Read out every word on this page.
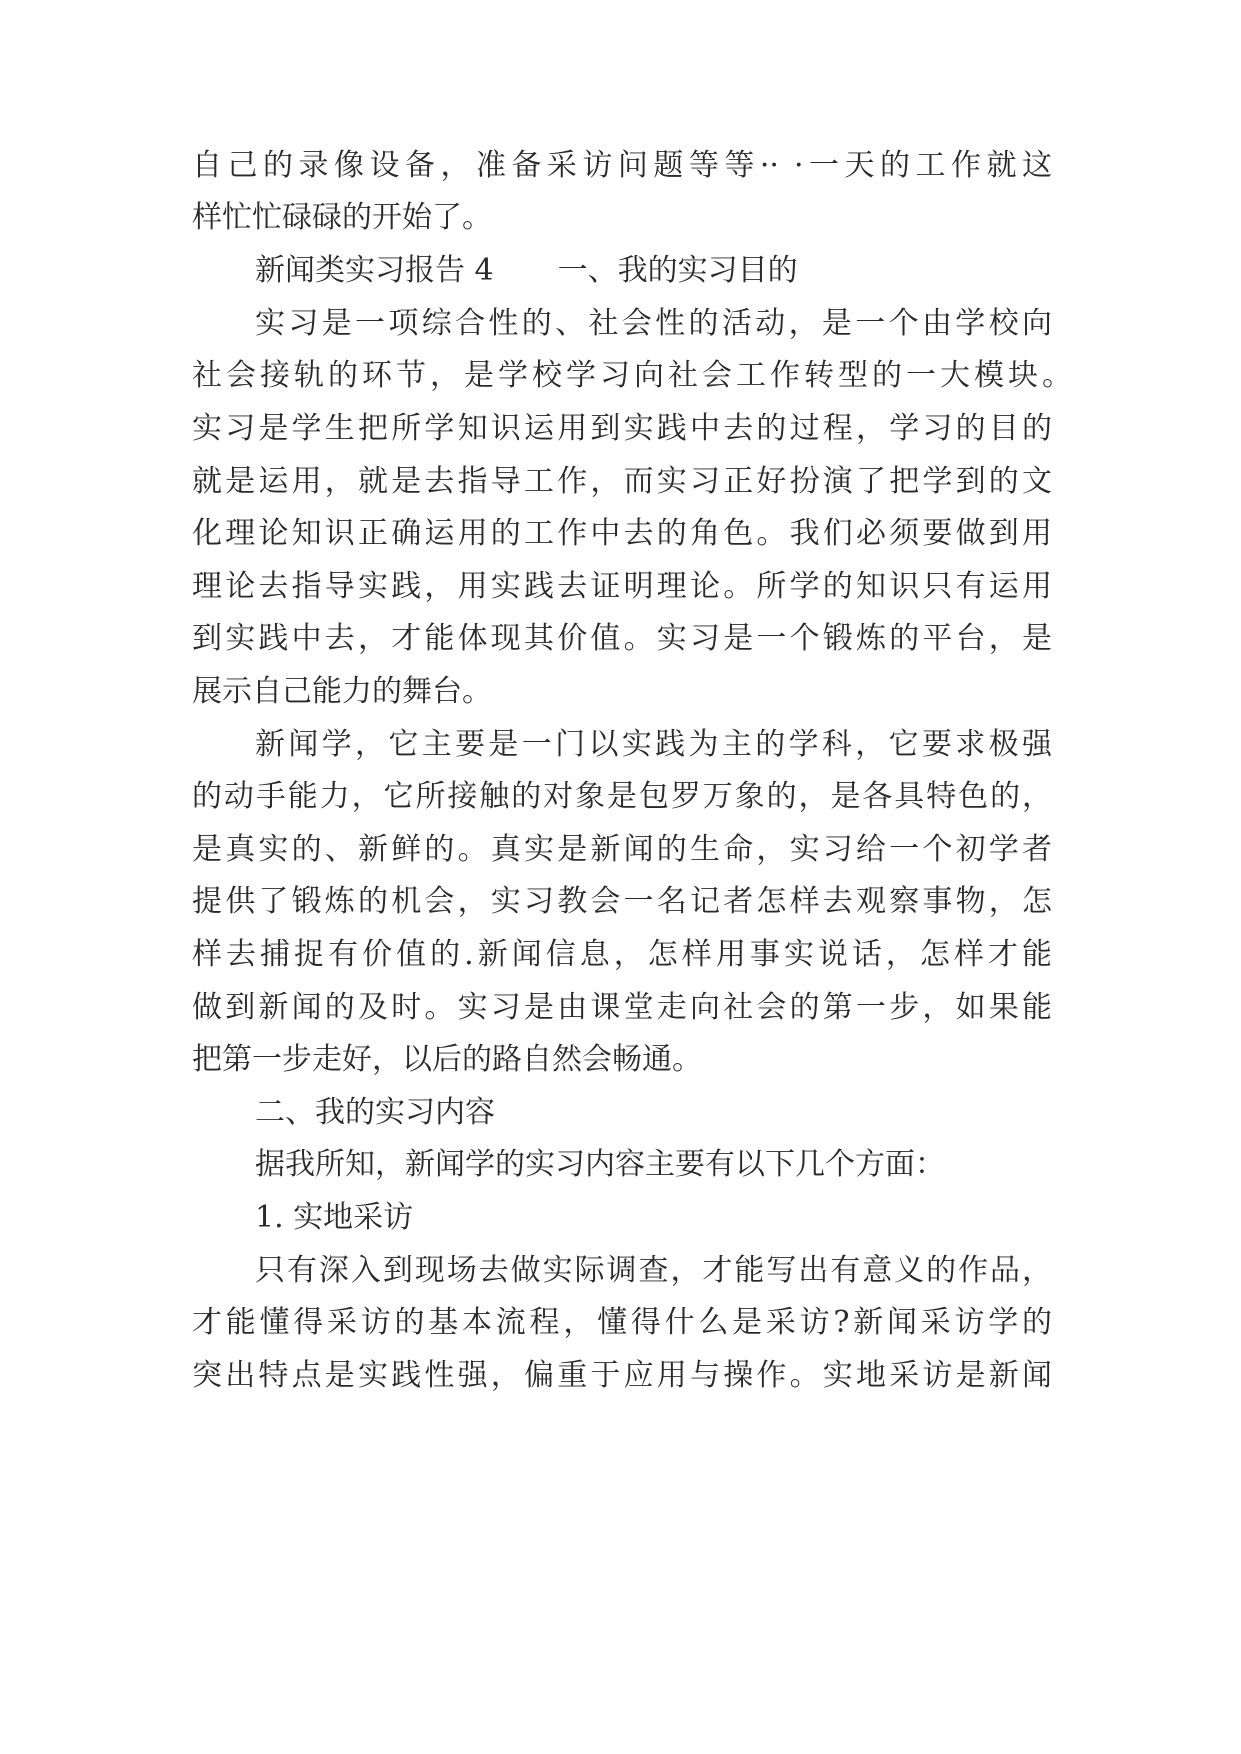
自己的录像设备，准备采访问题等等·· ·一天的工作就这

样忙忙碌碌的开始了。

新闻类实习报告 4 一、我的实习目的

实习是一项综合性的、社会性的活动，是一个由学校向

社会接轨的环节，是学校学习向社会工作转型的一大模块。

实习是学生把所学知识运用到实践中去的过程，学习的目的

就是运用，就是去指导工作，而实习正好扮演了把学到的文

化理论知识正确运用的工作中去的角色。我们必须要做到用

理论去指导实践，用实践去证明理论。所学的知识只有运用

到实践中去，才能体现其价值。实习是一个锻炼的平台，是

展示自己能力的舞台。

新闻学，它主要是一门以实践为主的学科，它要求极强

的动手能力，它所接触的对象是包罗万象的，是各具特色的，

是真实的、新鲜的。真实是新闻的生命，实习给一个初学者

提供了锻炼的机会，实习教会一名记者怎样去观察事物，怎

样去捕捉有价值的.新闻信息，怎样用事实说话，怎样才能

做到新闻的及时。实习是由课堂走向社会的第一步，如果能

把第一步走好，以后的路自然会畅通。

二、我的实习内容

据我所知，新闻学的实习内容主要有以下几个方面：

1. 实地采访

只有深入到现场去做实际调查，才能写出有意义的作品，

才能懂得采访的基本流程，懂得什么是采访?新闻采访学的

突出特点是实践性强，偏重于应用与操作。实地采访是新闻
